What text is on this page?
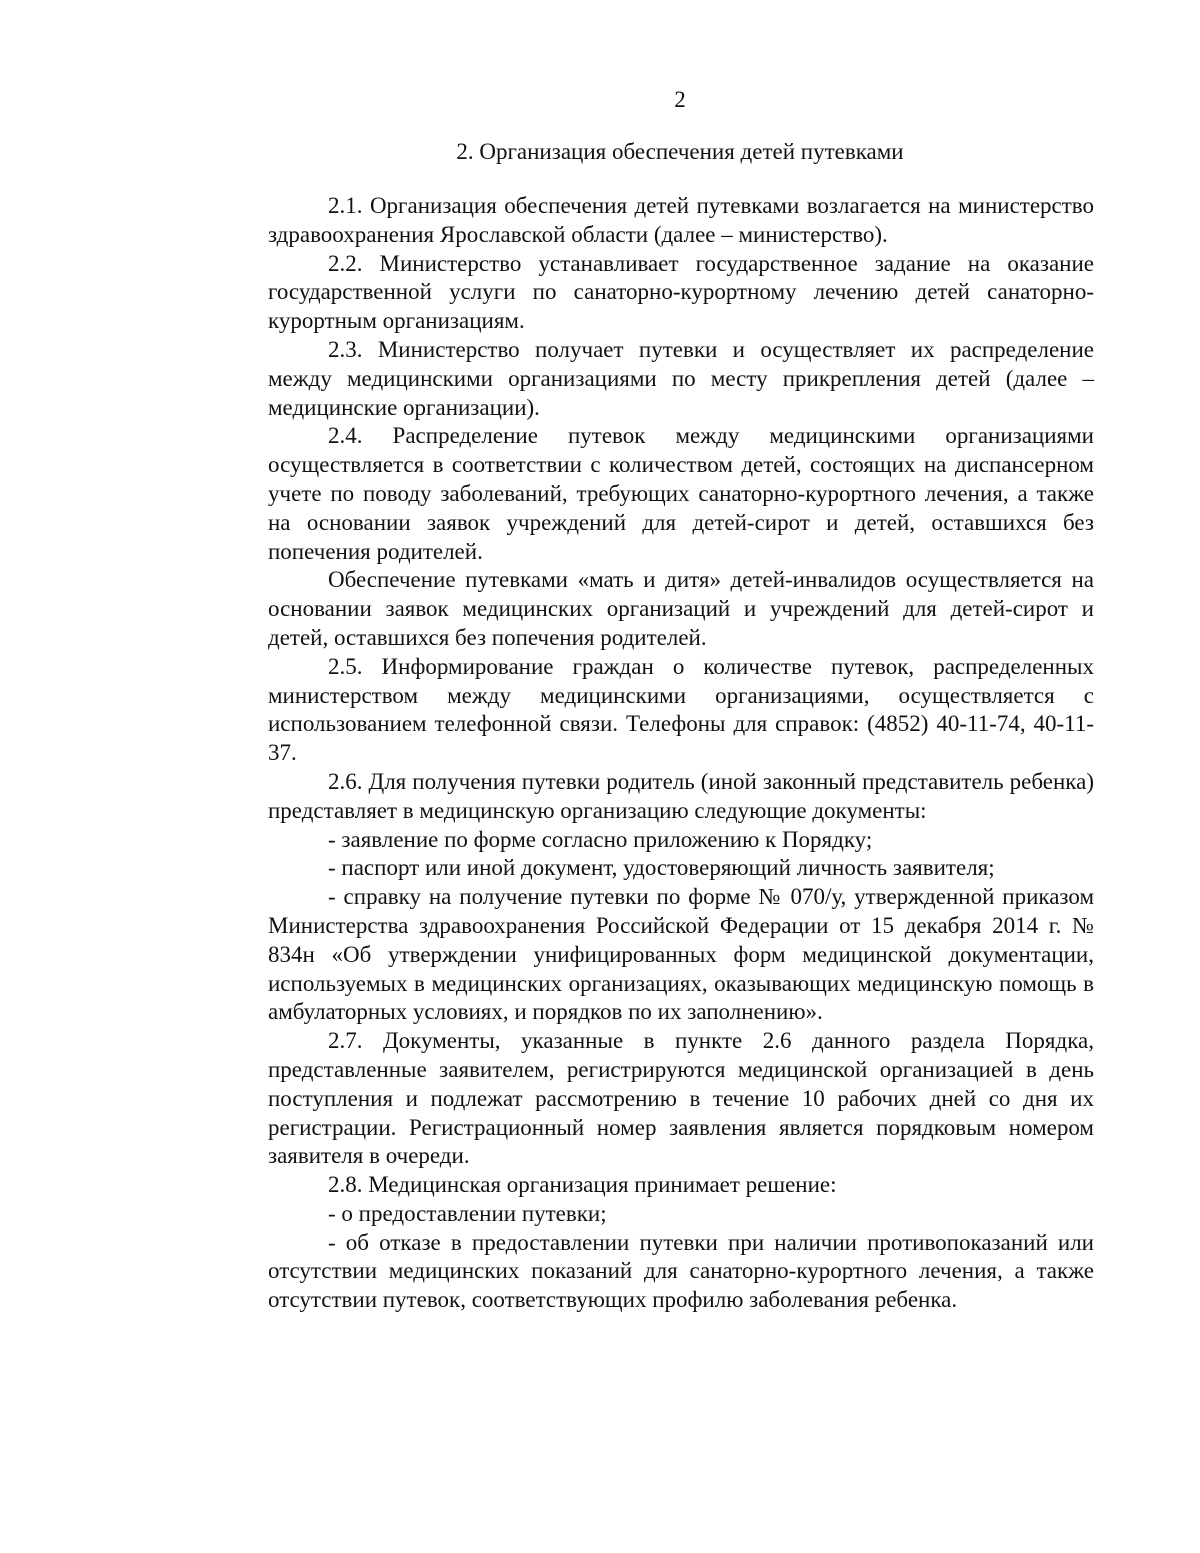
2
2. Организация обеспечения детей путевками

2.1. Организация обеспечения детей путевками возлагается на министерство здравоохранения Ярославской области (далее – министерство).

2.2. Министерство устанавливает государственное задание на оказание государственной услуги по санаторно-курортному лечению детей санаторно-курортным организациям.

2.3. Министерство получает путевки и осуществляет их распределение между медицинскими организациями по месту прикрепления детей (далее – медицинские организации).

2.4. Распределение путевок между медицинскими организациями осуществляется в соответствии с количеством детей, состоящих на диспансерном учете по поводу заболеваний, требующих санаторно-курортного лечения, а также на основании заявок учреждений для детей-сирот и детей, оставшихся без попечения родителей.

Обеспечение путевками «мать и дитя» детей-инвалидов осуществляется на основании заявок медицинских организаций и учреждений для детей-сирот и детей, оставшихся без попечения родителей.

2.5. Информирование граждан о количестве путевок, распределенных министерством между медицинскими организациями, осуществляется с использованием телефонной связи. Телефоны для справок: (4852) 40-11-74, 40-11-37.

2.6. Для получения путевки родитель (иной законный представитель ребенка) представляет в медицинскую организацию следующие документы:

- заявление по форме согласно приложению к Порядку;

- паспорт или иной документ, удостоверяющий личность заявителя;

- справку на получение путевки по форме № 070/у, утвержденной приказом Министерства здравоохранения Российской Федерации от 15 декабря 2014 г. № 834н «Об утверждении унифицированных форм медицинской документации, используемых в медицинских организациях, оказывающих медицинскую помощь в амбулаторных условиях, и порядков по их заполнению».

2.7. Документы, указанные в пункте 2.6 данного раздела Порядка, представленные заявителем, регистрируются медицинской организацией в день поступления и подлежат рассмотрению в течение 10 рабочих дней со дня их регистрации. Регистрационный номер заявления является порядковым номером заявителя в очереди.

2.8. Медицинская организация принимает решение:

- о предоставлении путевки;

- об отказе в предоставлении путевки при наличии противопоказаний или отсутствии медицинских показаний для санаторно-курортного лечения, а также отсутствии путевок, соответствующих профилю заболевания ребенка.
